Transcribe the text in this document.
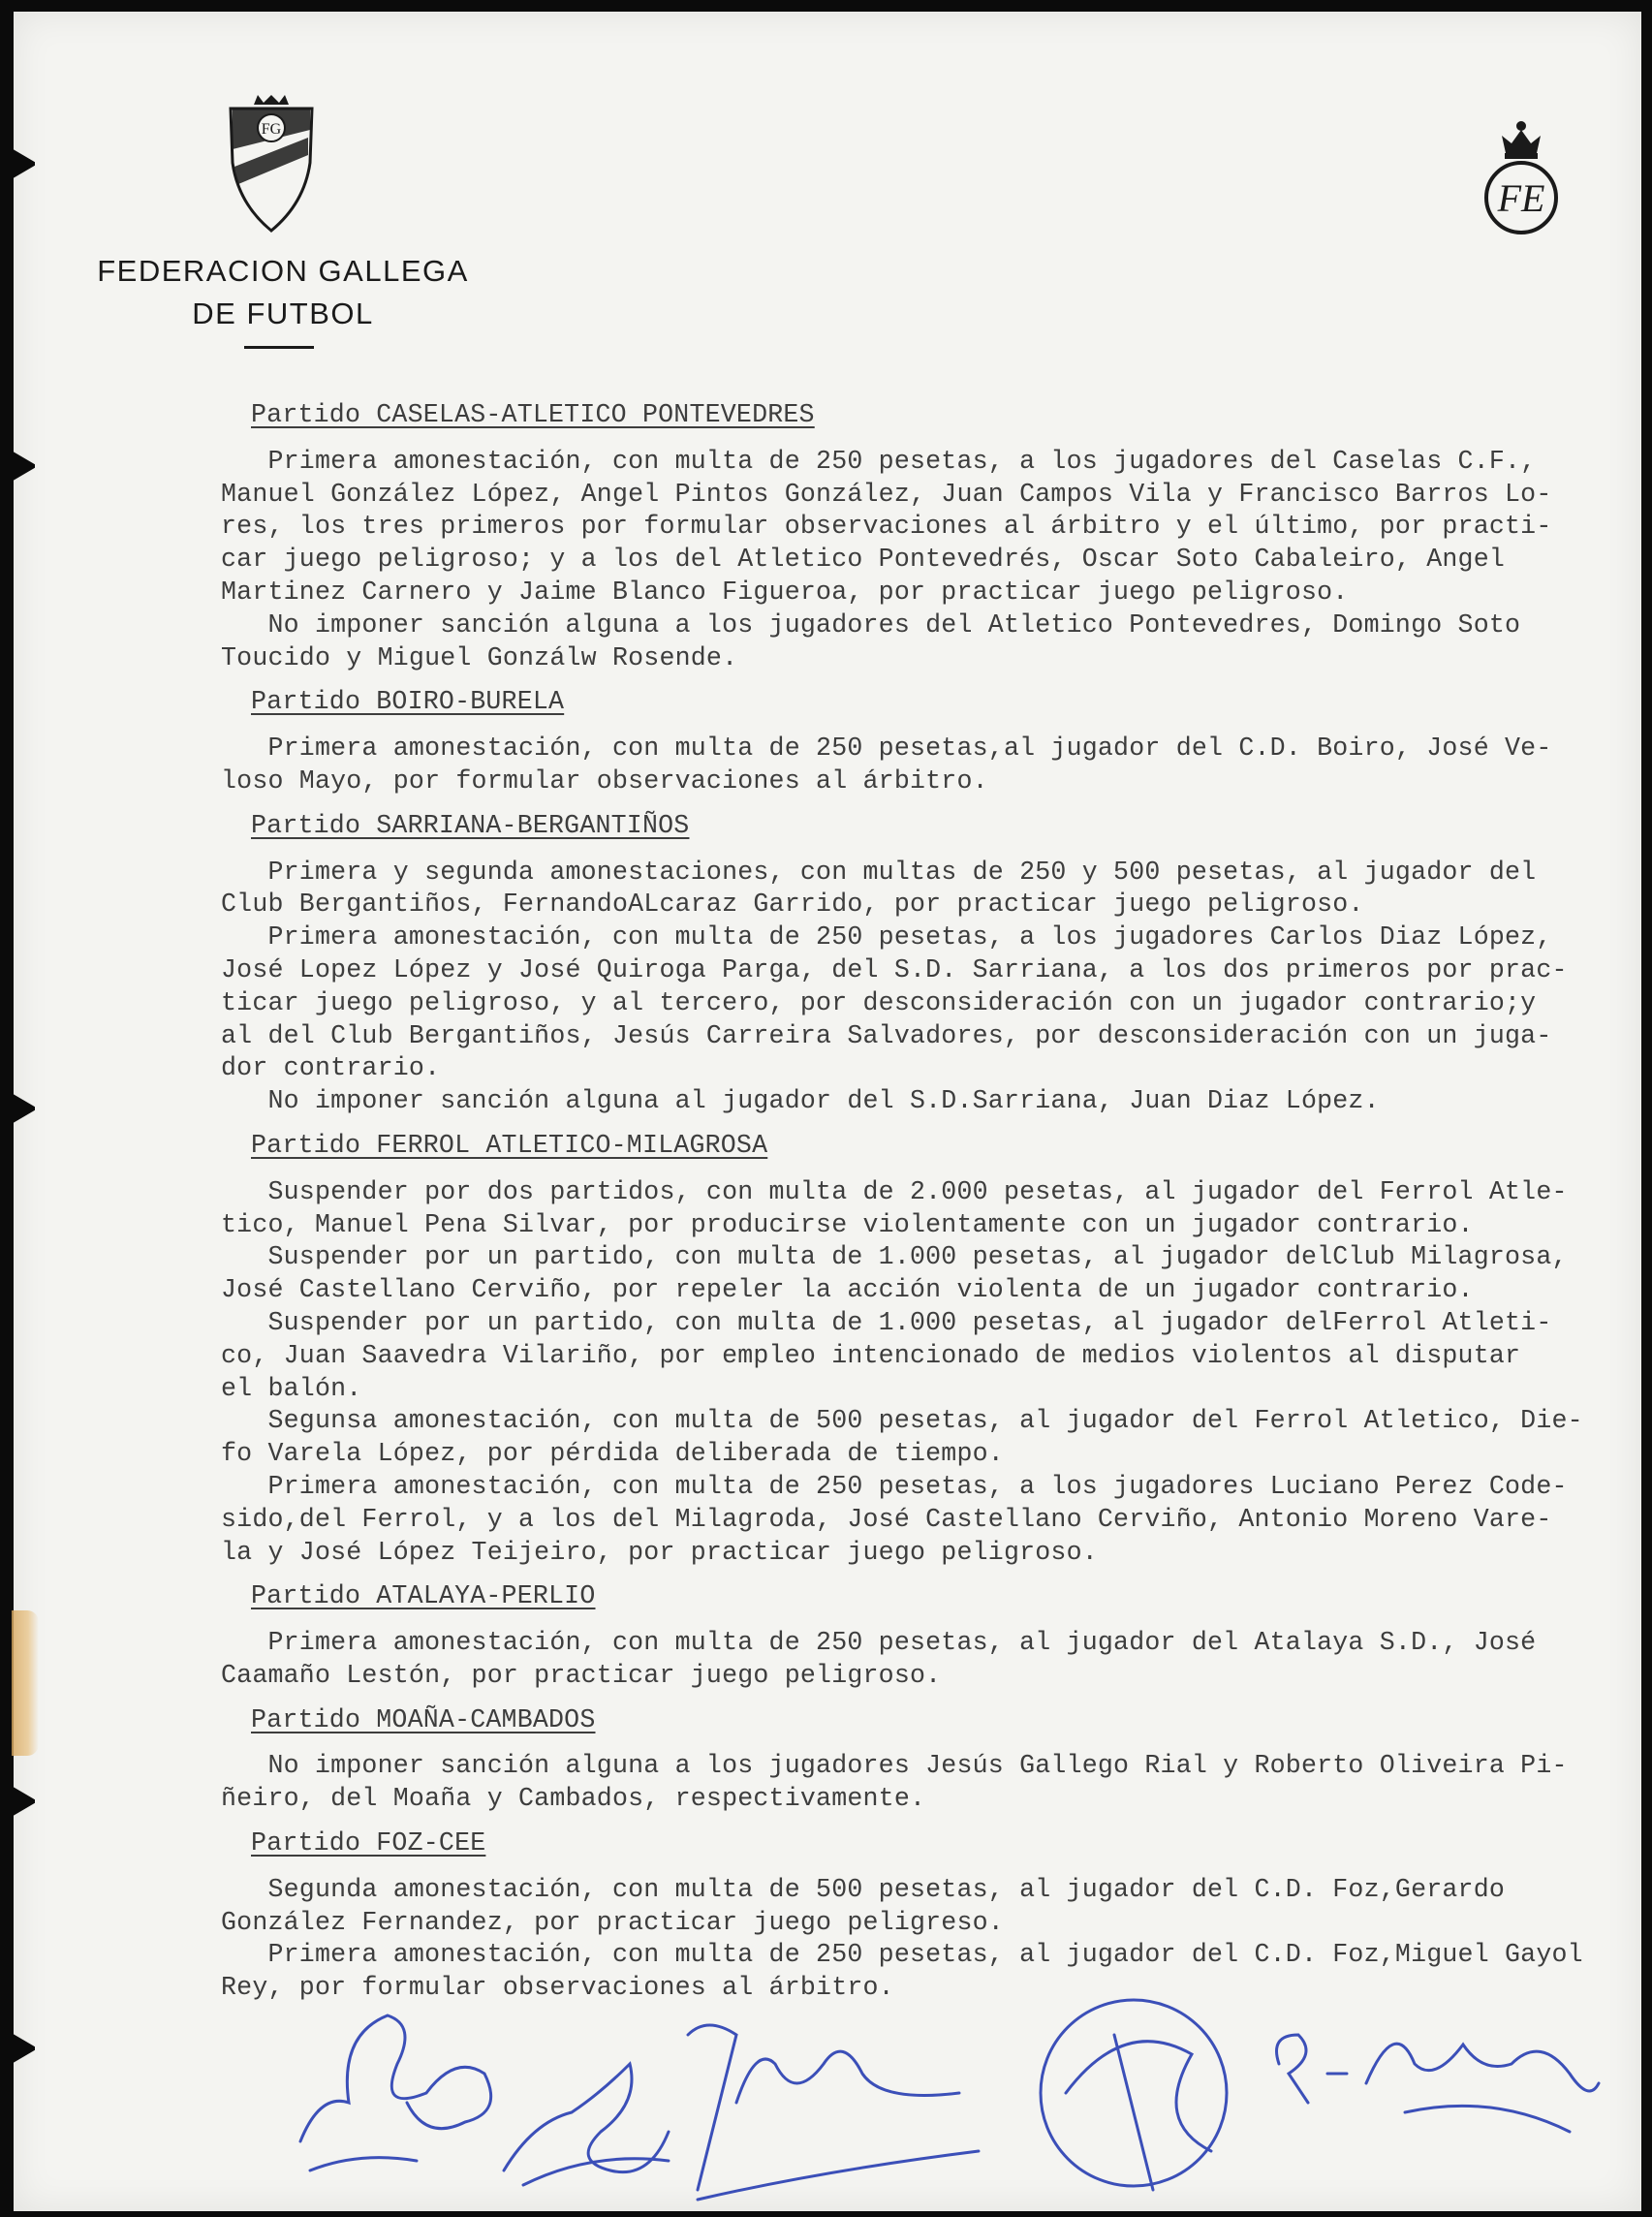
FG
FEDERACION GALLEGA
DE FUTBOL
FE
Partido CASELAS-ATLETICO PONTEVEDRES

Primera amonestación, con multa de 250 pesetas, a los jugadores del Caselas C.F.,
Manuel González López, Angel Pintos González, Juan Campos Vila y Francisco Barros Lo-
res, los tres primeros por formular observaciones al árbitro y el último, por practi-
car juego peligroso; y a los del Atletico Pontevedrés, Oscar Soto Cabaleiro, Angel
Martinez Carnero y Jaime Blanco Figueroa, por practicar juego peligroso.
No imponer sanción alguna a los jugadores del Atletico Pontevedres, Domingo Soto
Toucido y Miguel Gonzálw Rosende.
Partido BOIRO-BURELA

Primera amonestación, con multa de 250 pesetas,al jugador del C.D. Boiro, José Ve-
loso Mayo, por formular observaciones al árbitro.
Partido SARRIANA-BERGANTIÑOS

Primera y segunda amonestaciones, con multas de 250 y 500 pesetas, al jugador del
Club Bergantiños, FernandoALcaraz Garrido, por practicar juego peligroso.
Primera amonestación, con multa de 250 pesetas, a los jugadores Carlos Diaz López,
José Lopez López y José Quiroga Parga, del S.D. Sarriana, a los dos primeros por prac-
ticar juego peligroso, y al tercero, por desconsideración con un jugador contrario;y
al del Club Bergantiños, Jesús Carreira Salvadores, por desconsideración con un juga-
dor contrario.
No imponer sanción alguna al jugador del S.D.Sarriana, Juan Diaz López.
Partido FERROL ATLETICO-MILAGROSA

Suspender por dos partidos, con multa de 2.000 pesetas, al jugador del Ferrol Atle-
tico, Manuel Pena Silvar, por producirse violentamente con un jugador contrario.
Suspender por un partido, con multa de 1.000 pesetas, al jugador delClub Milagrosa,
José Castellano Cerviño, por repeler la acción violenta de un jugador contrario.
Suspender por un partido, con multa de 1.000 pesetas, al jugador delFerrol Atleti-
co, Juan Saavedra Vilariño, por empleo intencionado de medios violentos al disputar
el balón.
Segunsa amonestación, con multa de 500 pesetas, al jugador del Ferrol Atletico, Die-
fo Varela López, por pérdida deliberada de tiempo.
Primera amonestación, con multa de 250 pesetas, a los jugadores Luciano Perez Code-
sido,del Ferrol, y a los del Milagroda, José Castellano Cerviño, Antonio Moreno Vare-
la y José López Teijeiro, por practicar juego peligroso.
Partido ATALAYA-PERLIO

Primera amonestación, con multa de 250 pesetas, al jugador del Atalaya S.D., José
Caamaño Lestón, por practicar juego peligroso.
Partido MOAÑA-CAMBADOS

No imponer sanción alguna a los jugadores Jesús Gallego Rial y Roberto Oliveira Pi-
ñeiro, del Moaña y Cambados, respectivamente.
Partido FOZ-CEE

Segunda amonestación, con multa de 500 pesetas, al jugador del C.D. Foz,Gerardo
González Fernandez, por practicar juego peligreso.
Primera amonestación, con multa de 250 pesetas, al jugador del C.D. Foz,Miguel Gayol
Rey, por formular observaciones al árbitro.
